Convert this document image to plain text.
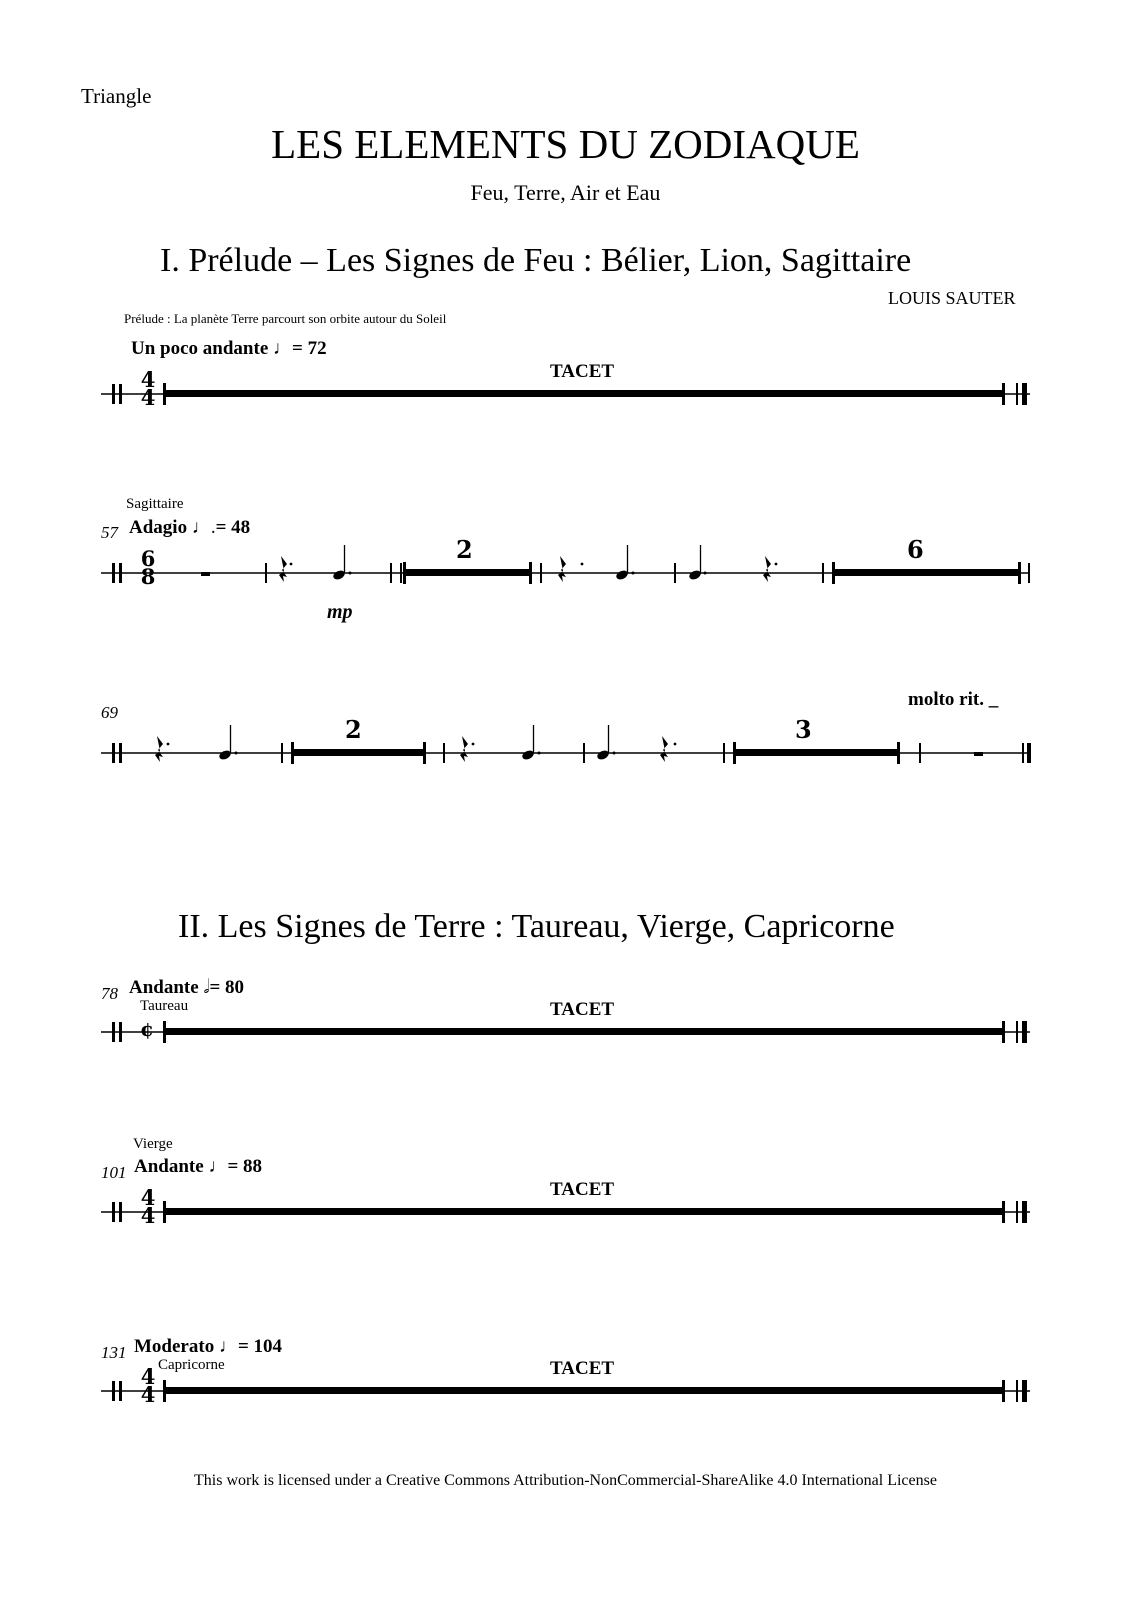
Triangle
LES ELEMENTS DU ZODIAQUE
Feu, Terre, Air et Eau
I. Prélude – Les Signes de Feu : Bélier, Lion, Sagittaire
LOUIS SAUTER
Prélude : La planète Terre parcourt son orbite autour du Soleil
Un poco andante ♩= 72
TACET
4
4
Sagittaire
57 Adagio ♩.= 48
2	6
mp
6
8
69
molto rit. _
2	3
II. Les Signes de Terre : Taureau, Vierge, Capricorne
78 Andante 𝅗𝅥= 80
Taureau	TACET
¢
Vierge
101 Andante ♩= 88
TACET
4
4
131 Moderato ♩= 104
Capricorne	TACET
4
4
This work is licensed under a Creative Commons Attribution-NonCommercial-ShareAlike 4.0 International License
